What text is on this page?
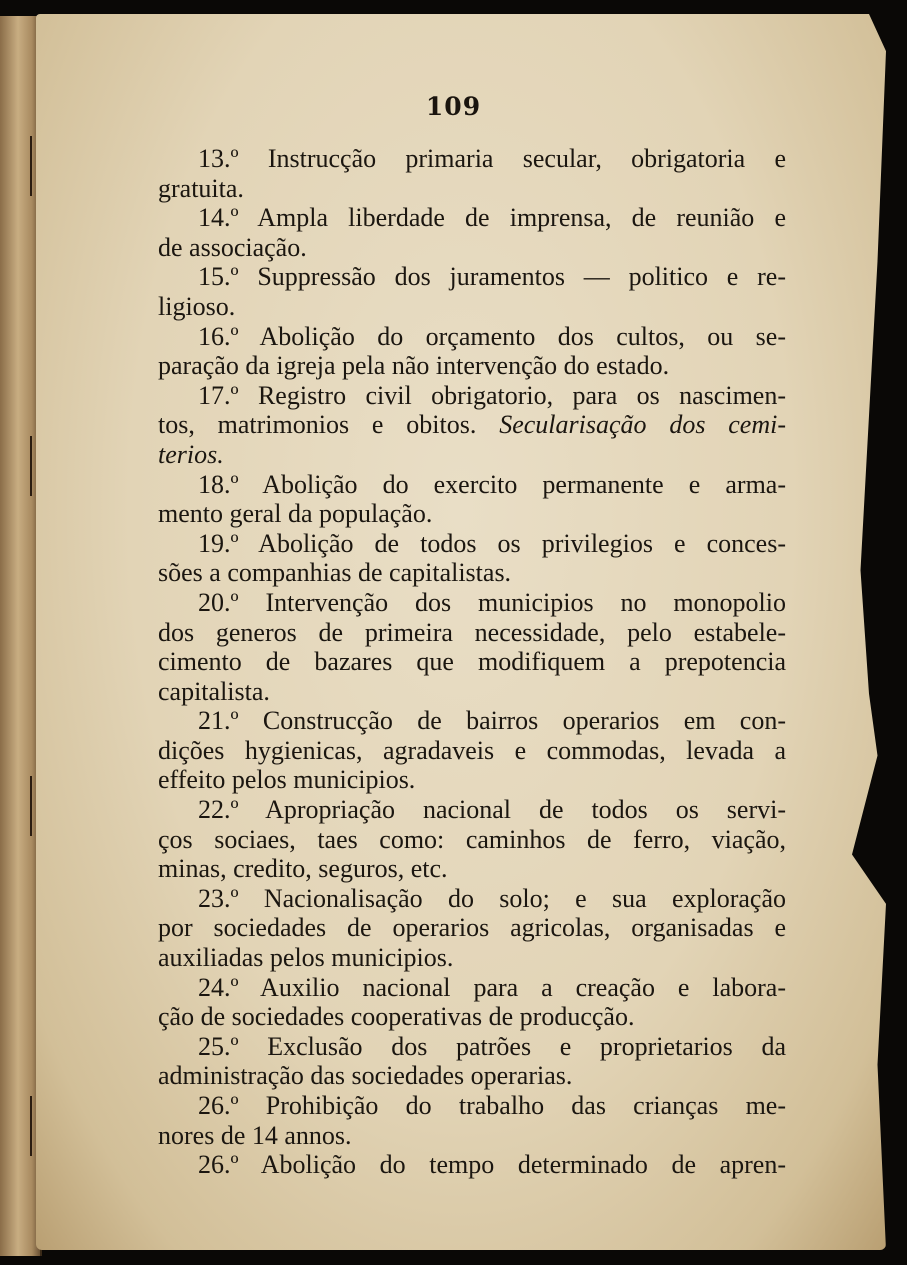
109
13.º Instrucção primaria secular, obrigatoria e
gratuita.
14.º Ampla liberdade de imprensa, de reunião e
de associação.
15.º Suppressão dos juramentos — politico e re-
ligioso.
16.º Abolição do orçamento dos cultos, ou se-
paração da igreja pela não intervenção do estado.
17.º Registro civil obrigatorio, para os nascimen-
tos, matrimonios e obitos. Secularisação dos cemi-
terios.
18.º Abolição do exercito permanente e arma-
mento geral da população.
19.º Abolição de todos os privilegios e conces-
sões a companhias de capitalistas.
20.º Intervenção dos municipios no monopolio
dos generos de primeira necessidade, pelo estabele-
cimento de bazares que modifiquem a prepotencia
capitalista.
21.º Construcção de bairros operarios em con-
dições hygienicas, agradaveis e commodas, levada a
effeito pelos municipios.
22.º Apropriação nacional de todos os servi-
ços sociaes, taes como: caminhos de ferro, viação,
minas, credito, seguros, etc.
23.º Nacionalisação do solo; e sua exploração
por sociedades de operarios agricolas, organisadas e
auxiliadas pelos municipios.
24.º Auxilio nacional para a creação e labora-
ção de sociedades cooperativas de producção.
25.º Exclusão dos patrões e proprietarios da
administração das sociedades operarias.
26.º Prohibição do trabalho das crianças me-
nores de 14 annos.
26.º Abolição do tempo determinado de apren-
